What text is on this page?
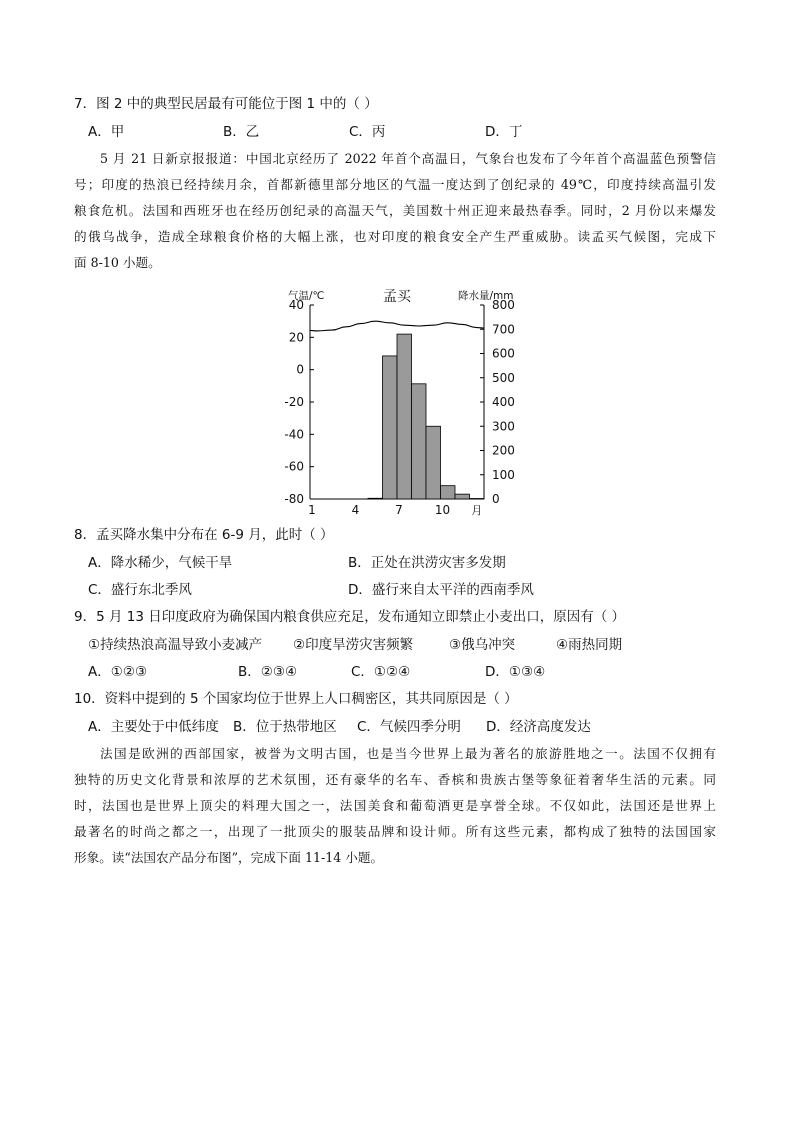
7．图 2 中的典型民居最有可能位于图 1 中的（ ）
A．甲	B．乙	C．丙	D．丁

5 月 21 日新京报报道：中国北京经历了 2022 年首个高温日，气象台也发布了今年首个高温蓝色预警信

号；印度的热浪已经持续月余，首都新德里部分地区的气温一度达到了创纪录的 49℃，印度持续高温引发

粮食危机。法国和西班牙也在经历创纪录的高温天气，美国数十州正迎来最热春季。同时，2 月份以来爆发

的俄乌战争，造成全球粮食价格的大幅上涨，也对印度的粮食安全产生严重威胁。读孟买气候图，完成下

面 8-10 小题。

40
20
0
-20
-40
-60
-80
800
700
600
500
400
300
200
100
0
1	4	7	10 月
气温/℃	降水量/mm
孟买
8．孟买降水集中分布在 6-9 月，此时（ ）
A．降水稀少，气候干旱	B．正处在洪涝灾害多发期
C．盛行东北季风	D．盛行来自太平洋的西南季风
9．5 月 13 日印度政府为确保国内粮食供应充足，发布通知立即禁止小麦出口，原因有（ ）
①持续热浪高温导致小麦减产 ②印度旱涝灾害频繁	③俄乌冲突	④雨热同期
A．①②③	B．②③④	C．①②④	D．①③④
10．资料中提到的 5 个国家均位于世界上人口稠密区，其共同原因是（ ）
A．主要处于中低纬度 B．位于热带地区 C．气候四季分明 D．经济高度发达

法国是欧洲的西部国家，被誉为文明古国，也是当今世界上最为著名的旅游胜地之一。法国不仅拥有

独特的历史文化背景和浓厚的艺术氛围，还有豪华的名车、香槟和贵族古堡等象征着奢华生活的元素。同

时，法国也是世界上顶尖的料理大国之一，法国美食和葡萄酒更是享誉全球。不仅如此，法国还是世界上

最著名的时尚之都之一，出现了一批顶尖的服装品牌和设计师。所有这些元素，都构成了独特的法国国家

形象。读“法国农产品分布图”，完成下面 11-14 小题。
